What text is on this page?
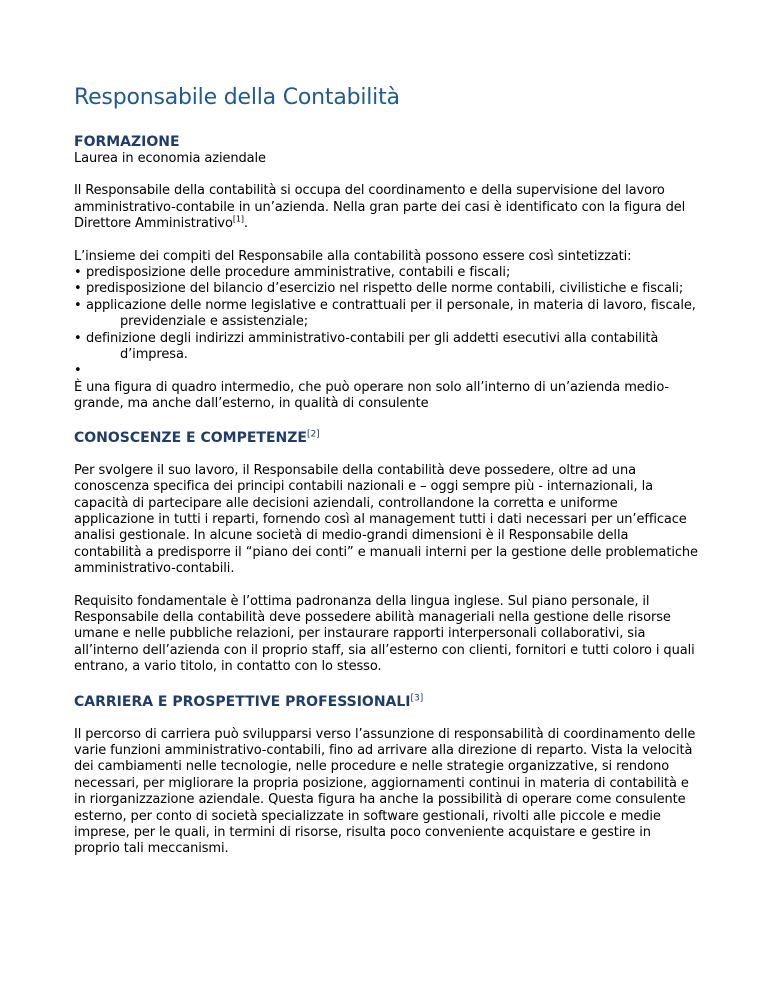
Responsabile della Contabilità
FORMAZIONE

Laurea in economia aziendale

Il Responsabile della contabilità si occupa del coordinamento e della supervisione del lavoro amministrativo-contabile in un’azienda. Nella gran parte dei casi è identificato con la figura del Direttore Amministrativo[1].

L’insieme dei compiti del Responsabile alla contabilità possono essere così sintetizzati:

• predisposizione delle procedure amministrative, contabili e fiscali;
• predisposizione del bilancio d’esercizio nel rispetto delle norme contabili, civilistiche e fiscali;
• applicazione delle norme legislative e contrattuali per il personale, in materia di lavoro, fiscale, previdenziale e assistenziale;
• definizione degli indirizzi amministrativo-contabili per gli addetti esecutivi alla contabilità d’impresa.
•

È una figura di quadro intermedio, che può operare non solo all’interno di un’azienda medio-grande, ma anche dall’esterno, in qualità di consulente

CONOSCENZE E COMPETENZE[2]

Per svolgere il suo lavoro, il Responsabile della contabilità deve possedere, oltre ad una conoscenza specifica dei principi contabili nazionali e – oggi sempre più - internazionali, la capacità di partecipare alle decisioni aziendali, controllandone la corretta e uniforme applicazione in tutti i reparti, fornendo così al management tutti i dati necessari per un’efficace analisi gestionale. In alcune società di medio-grandi dimensioni è il Responsabile della contabilità a predisporre il “piano dei conti” e manuali interni per la gestione delle problematiche amministrativo-contabili.

Requisito fondamentale è l’ottima padronanza della lingua inglese. Sul piano personale, il Responsabile della contabilità deve possedere abilità manageriali nella gestione delle risorse umane e nelle pubbliche relazioni, per instaurare rapporti interpersonali collaborativi, sia all’interno dell’azienda con il proprio staff, sia all’esterno con clienti, fornitori e tutti coloro i quali entrano, a vario titolo, in contatto con lo stesso.

CARRIERA E PROSPETTIVE PROFESSIONALI[3]

Il percorso di carriera può svilupparsi verso l’assunzione di responsabilità di coordinamento delle varie funzioni amministrativo-contabili, fino ad arrivare alla direzione di reparto. Vista la velocità dei cambiamenti nelle tecnologie, nelle procedure e nelle strategie organizzative, si rendono necessari, per migliorare la propria posizione, aggiornamenti continui in materia di contabilità e in riorganizzazione aziendale. Questa figura ha anche la possibilità di operare come consulente esterno, per conto di società specializzate in software gestionali, rivolti alle piccole e medie imprese, per le quali, in termini di risorse, risulta poco conveniente acquistare e gestire in proprio tali meccanismi.
